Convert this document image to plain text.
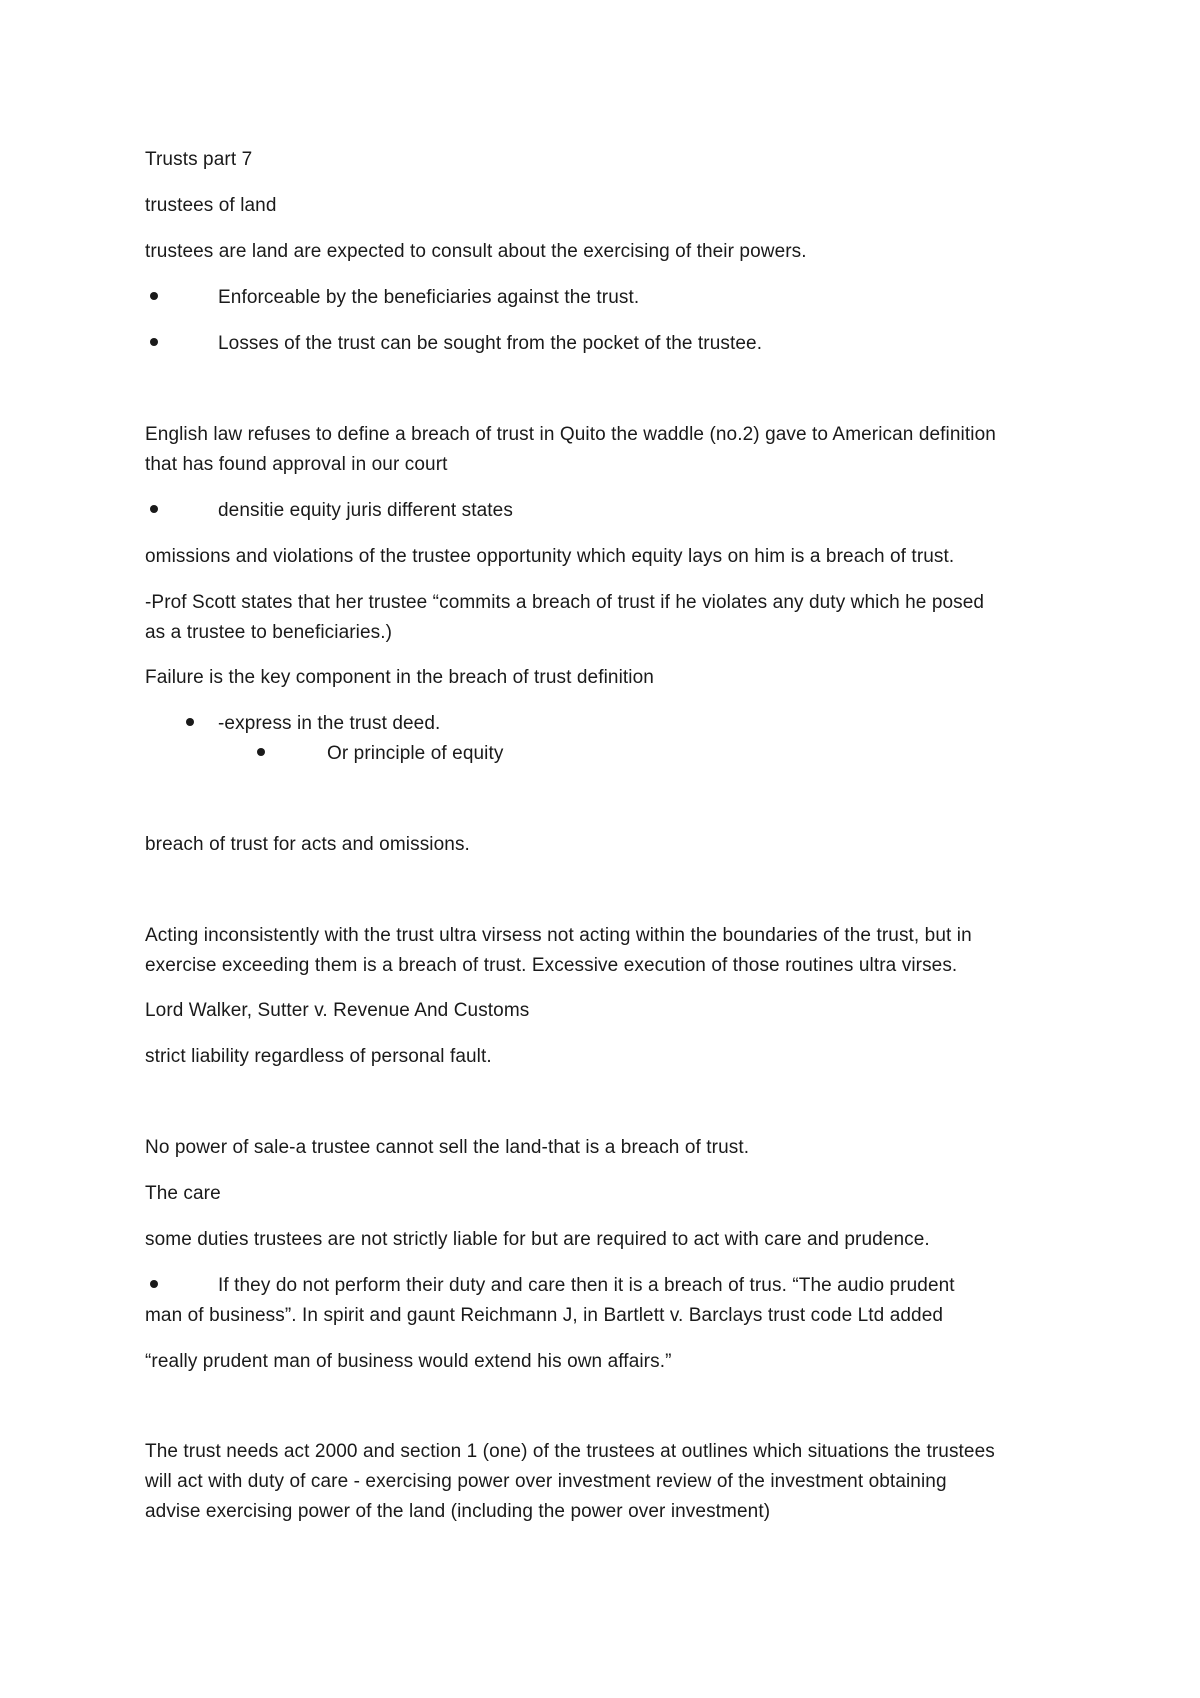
Trusts part 7
trustees of land
trustees are land are expected to consult about the exercising of their powers.
Enforceable by the beneficiaries against the trust.
Losses of the trust can be sought from the pocket of the trustee.
English law refuses to define a breach of trust in Quito the waddle (no.2) gave to American definition
that has found approval in our court
densitie equity juris different states
omissions and violations of the trustee opportunity which equity lays on him is a breach of trust.
-Prof Scott states that her trustee “commits a breach of trust if he violates any duty which he posed
as a trustee to beneficiaries.)
Failure is the key component in the breach of trust definition
-express in the trust deed.
Or principle of equity
breach of trust for acts and omissions.
Acting inconsistently with the trust ultra virsess not acting within the boundaries of the trust, but in
exercise exceeding them is a breach of trust. Excessive execution of those routines ultra virses.
Lord Walker, Sutter v. Revenue And Customs
strict liability regardless of personal fault.
No power of sale-a trustee cannot sell the land-that is a breach of trust.
The care
some duties trustees are not strictly liable for but are required to act with care and prudence.
If they do not perform their duty and care then it is a breach of trus. “The audio prudent
man of business”. In spirit and gaunt Reichmann J, in Bartlett v. Barclays trust code Ltd added
“really prudent man of business would extend his own affairs.”
The trust needs act 2000 and section 1 (one) of the trustees at outlines which situations the trustees
will act with duty of care - exercising power over investment review of the investment obtaining
advise exercising power of the land (including the power over investment)
